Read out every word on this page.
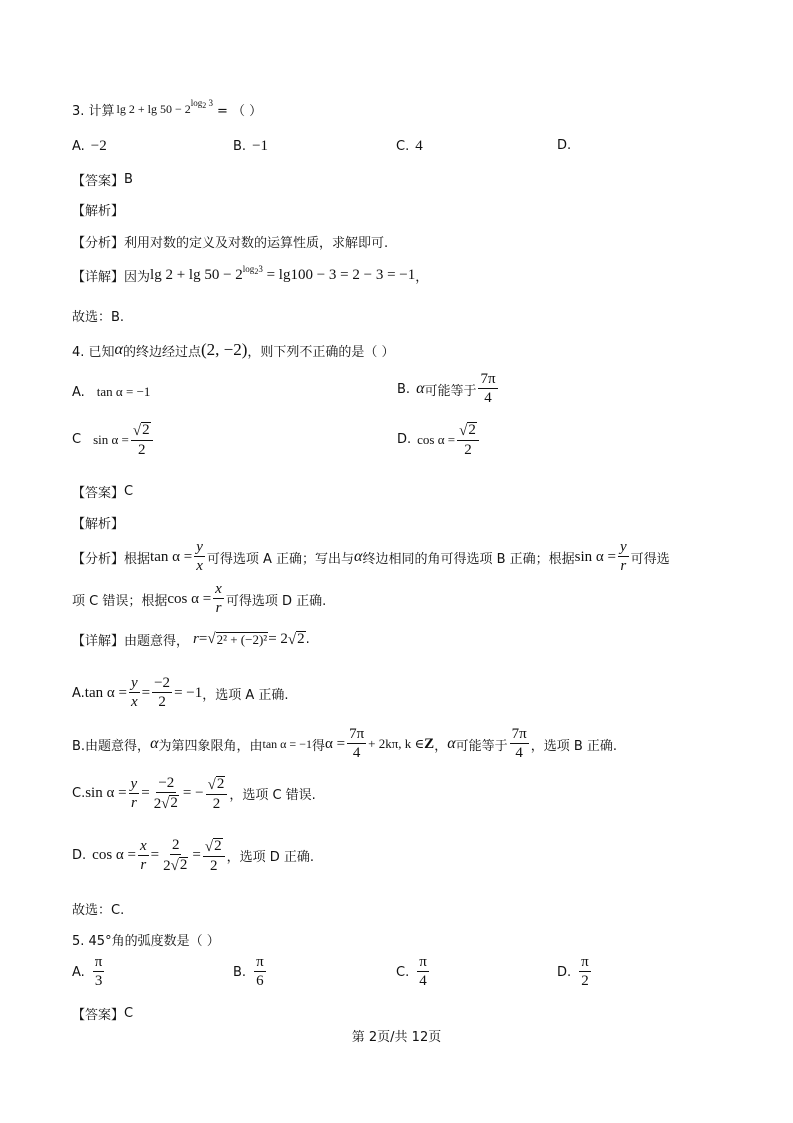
3. 计算 $\lg 2 + \lg 50 - 2^{log_2 3}$
= （ ）
A. −2	B. −1	C. 4	D.
【答案】 B
【解析】
【分析】 利用对数的定义及对数的运算性质，求解即可.
【详解】 因为 $\lg 2 + \lg 50 - 2^{log_23} = \lg 100 - 3 = 2 - 3 = -1$ ，
故选：B.
4. 已知 α 的终边经过点 (2, −2) ，则下列不正确的是（ ）
A. tan α = −1	B. α 可能等于 $\frac{7\pi}{4}$
C $\sin \alpha = \frac{√ 2}{2}$	D. $\cos \alpha = \frac{√ 2}{2}$
【答案】 C
【解析】
【分析】 根据 $\tan \alpha = \frac{y}{x}$ 可得选项 A 正确；写出与 α 终边相同的角可得选项 B 正确；根据 $\sin \alpha = \frac{y}{r}$ 可得选
项 C 错误；根据 $\cos \alpha = \frac{x}{r}$ 可得选项 D 正确.
【详解】 由题意得， r = √ 2² + (−2)² = 2 √ 2 .
A. $\tan \alpha = \frac{y}{x} = \frac{-2}{2} = -1$ ，选项 A 正确.
B.由题意得， α 为第四象限角，由 tan α = −1 得 $\alpha = \frac{7\pi}{4} + 2k\pi$, k ∈ Z ， α 可能等于 $\frac{7\pi}{4}$ ，选项 B 正确.
C. $\sin \alpha = \frac{y}{r} = \frac{-2}{2 √ 2}$ = − $\frac{√ 2}{2}$ ，选项 C 错误.
D. $\cos \alpha = \frac{x}{r} = \frac{2}{2 √ 2} = \frac{√ 2}{2}$ ，选项 D 正确.
故选：C.
5. 45°角的弧度数是（ ）
A. $\frac{\pi}{3}$	B. $\frac{\pi}{6}$	C. $\frac{\pi}{4}$	D. $\frac{\pi}{2}$
【答案】 C
第 2页/共 12页
